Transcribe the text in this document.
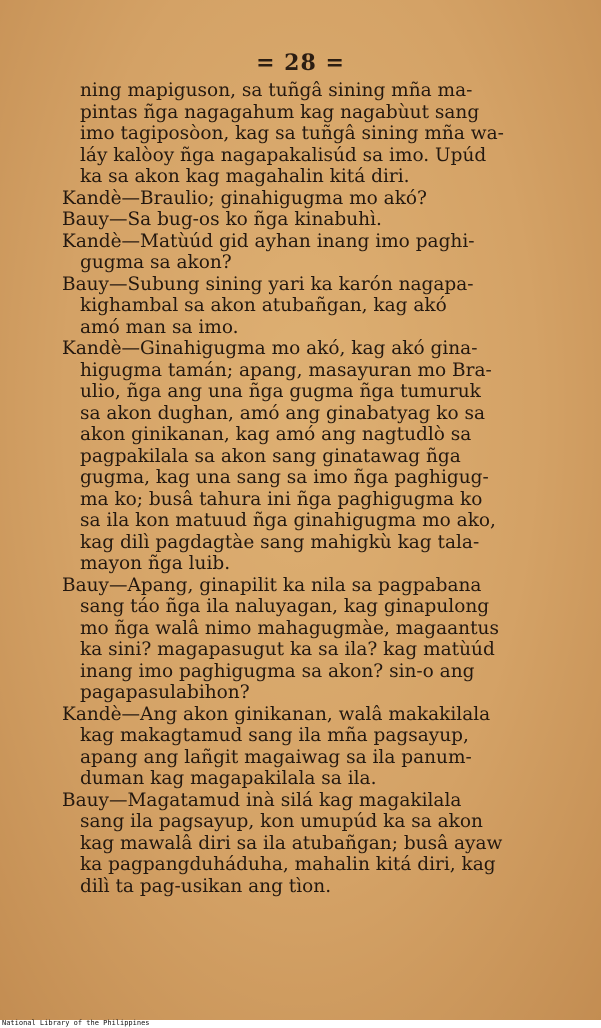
= 28 =
ning mapiguson, sa tuñgâ sining mña ma-
pintas ñga nagagahum kag nagabùut sang
imo tagiposòon, kag sa tuñgâ sining mña wa-
láy kalòoy ñga nagapakalisúd sa imo. Upúd
ka sa akon kag magahalin kitá diri.
Kandè—Braulio; ginahigugma mo akó?
Bauy—Sa bug-os ko ñga kinabuhì.
Kandè—Matùúd gid ayhan inang imo paghi-
gugma sa akon?
Bauy—Subung sining yari ka karón nagapa-
kighambal sa akon atubañgan, kag akó
amó man sa imo.
Kandè—Ginahigugma mo akó, kag akó gina-
higugma tamán; apang, masayuran mo Bra-
ulio, ñga ang una ñga gugma ñga tumuruk
sa akon dughan, amó ang ginabatyag ko sa
akon ginikanan, kag amó ang nagtudlò sa
pagpakilala sa akon sang ginatawag ñga
gugma, kag una sang sa imo ñga paghigug-
ma ko; busâ tahura ini ñga paghigugma ko
sa ila kon matuud ñga ginahigugma mo ako,
kag dilì pagdagtàe sang mahigkù kag tala-
mayon ñga luib.
Bauy—Apang, ginapilit ka nila sa pagpabana
sang táo ñga ila naluyagan, kag ginapulong
mo ñga walâ nimo mahagugmàe, magaantus
ka sini? magapasugut ka sa ila? kag matùúd
inang imo paghigugma sa akon? sin-o ang
pagapasulabihon?
Kandè—Ang akon ginikanan, walâ makakilala
kag makagtamud sang ila mña pagsayup,
apang ang lañgit magaiwag sa ila panum-
duman kag magapakilala sa ila.
Bauy—Magatamud inà silá kag magakilala
sang ila pagsayup, kon umupúd ka sa akon
kag mawalâ diri sa ila atubañgan; busâ ayaw
ka pagpangduháduha, mahalin kitá diri, kag
dilì ta pag-usikan ang tìon.
National Library of the Philippines
